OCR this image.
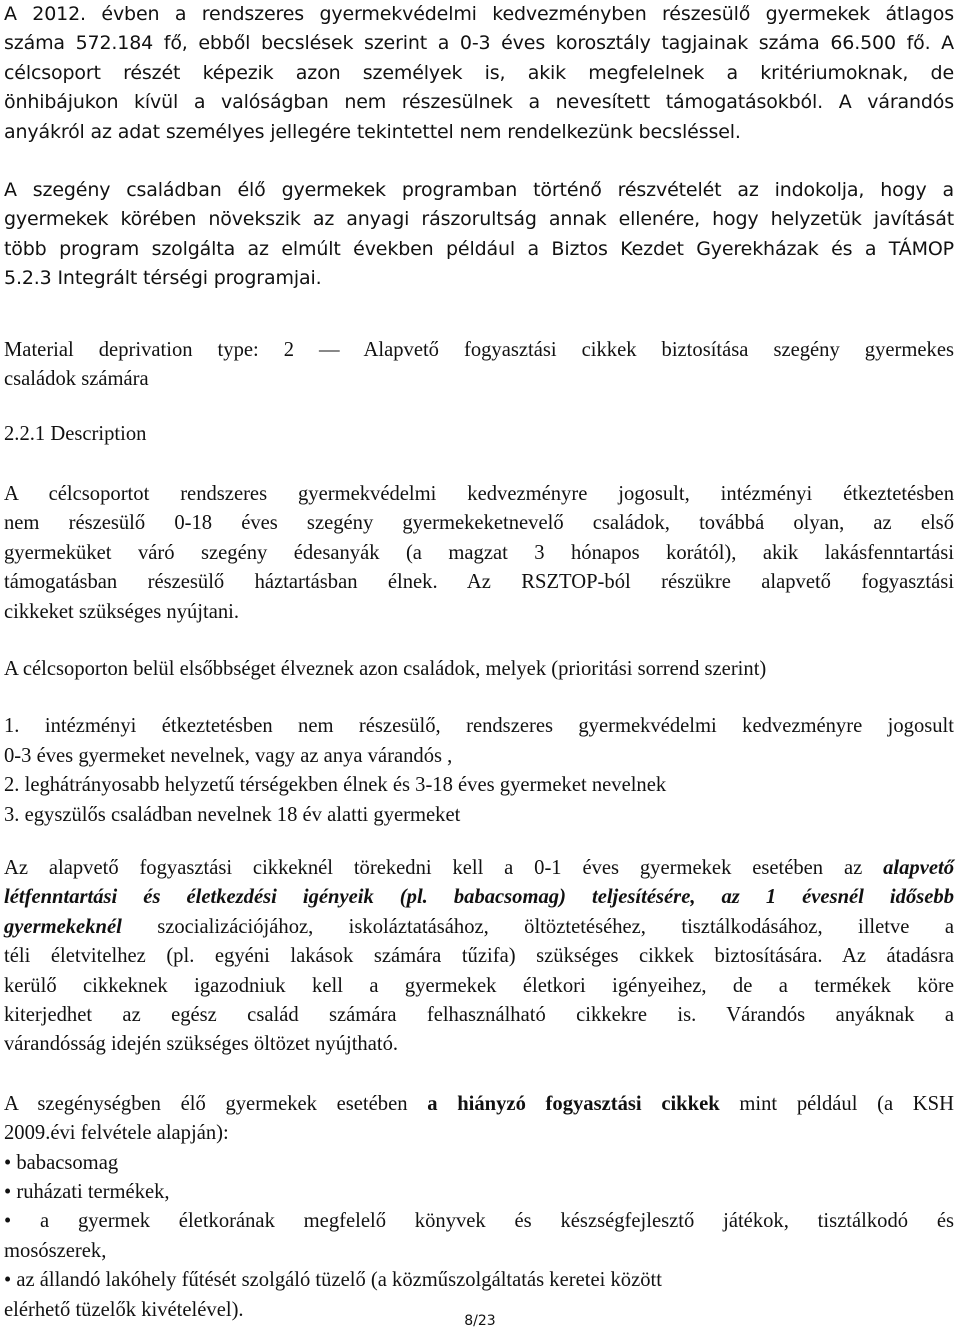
A 2012. évben a rendszeres gyermekvédelmi kedvezményben részesülő gyermekek átlagos
száma 572.184 fő, ebből becslések szerint a 0-3 éves korosztály tagjainak száma 66.500 fő. A
célcsoport részét képezik azon személyek is, akik megfelelnek a kritériumoknak, de
önhibájukon kívül a valóságban nem részesülnek a nevesített támogatásokból. A várandós
anyákról az adat személyes jellegére tekintettel nem rendelkezünk becsléssel.
A szegény családban élő gyermekek programban történő részvételét az indokolja, hogy a
gyermekek körében növekszik az anyagi rászorultság annak ellenére, hogy helyzetük javítását
több program szolgálta az elmúlt években például a Biztos Kezdet Gyerekházak és a TÁMOP
5.2.3 Integrált térségi programjai.
Material deprivation type: 2 — Alapvető fogyasztási cikkek biztosítása szegény gyermekes
családok számára
2.2.1 Description
A célcsoportot rendszeres gyermekvédelmi kedvezményre jogosult, intézményi étkeztetésben
nem részesülő 0-18 éves szegény gyermekeketnevelő családok, továbbá olyan, az első
gyermeküket váró szegény édesanyák (a magzat 3 hónapos korától), akik lakásfenntartási
támogatásban részesülő háztartásban élnek. Az RSZTOP-ból részükre alapvető fogyasztási
cikkeket szükséges nyújtani.
A célcsoporton belül elsőbbséget élveznek azon családok, melyek (prioritási sorrend szerint)
1. intézményi étkeztetésben nem részesülő, rendszeres gyermekvédelmi kedvezményre jogosult
0-3 éves gyermeket nevelnek, vagy az anya várandós ,
2. leghátrányosabb helyzetű térségekben élnek és 3-18 éves gyermeket nevelnek
3. egyszülős családban nevelnek 18 év alatti gyermeket
Az alapvető fogyasztási cikkeknél törekedni kell a 0-1 éves gyermekek esetében az alapvető
létfenntartási és életkezdési igényeik (pl. babacsomag) teljesítésére, az 1 évesnél idősebb
gyermekeknél szocializációjához, iskoláztatásához, öltöztetéséhez, tisztálkodásához, illetve a
téli életvitelhez (pl. egyéni lakások számára tűzifa) szükséges cikkek biztosítására. Az átadásra
kerülő cikkeknek igazodniuk kell a gyermekek életkori igényeihez, de a termékek köre
kiterjedhet az egész család számára felhasználható cikkekre is. Várandós anyáknak a
várandósság idején szükséges öltözet nyújtható.
A szegénységben élő gyermekek esetében a hiányzó fogyasztási cikkek mint például (a KSH
2009.évi felvétele alapján):
• babacsomag
• ruházati termékek,
• a gyermek életkorának megfelelő könyvek és készségfejlesztő játékok, tisztálkodó és
mosószerek,
• az állandó lakóhely fűtését szolgáló tüzelő (a közműszolgáltatás keretei között
elérhető tüzelők kivételével).
8/23
